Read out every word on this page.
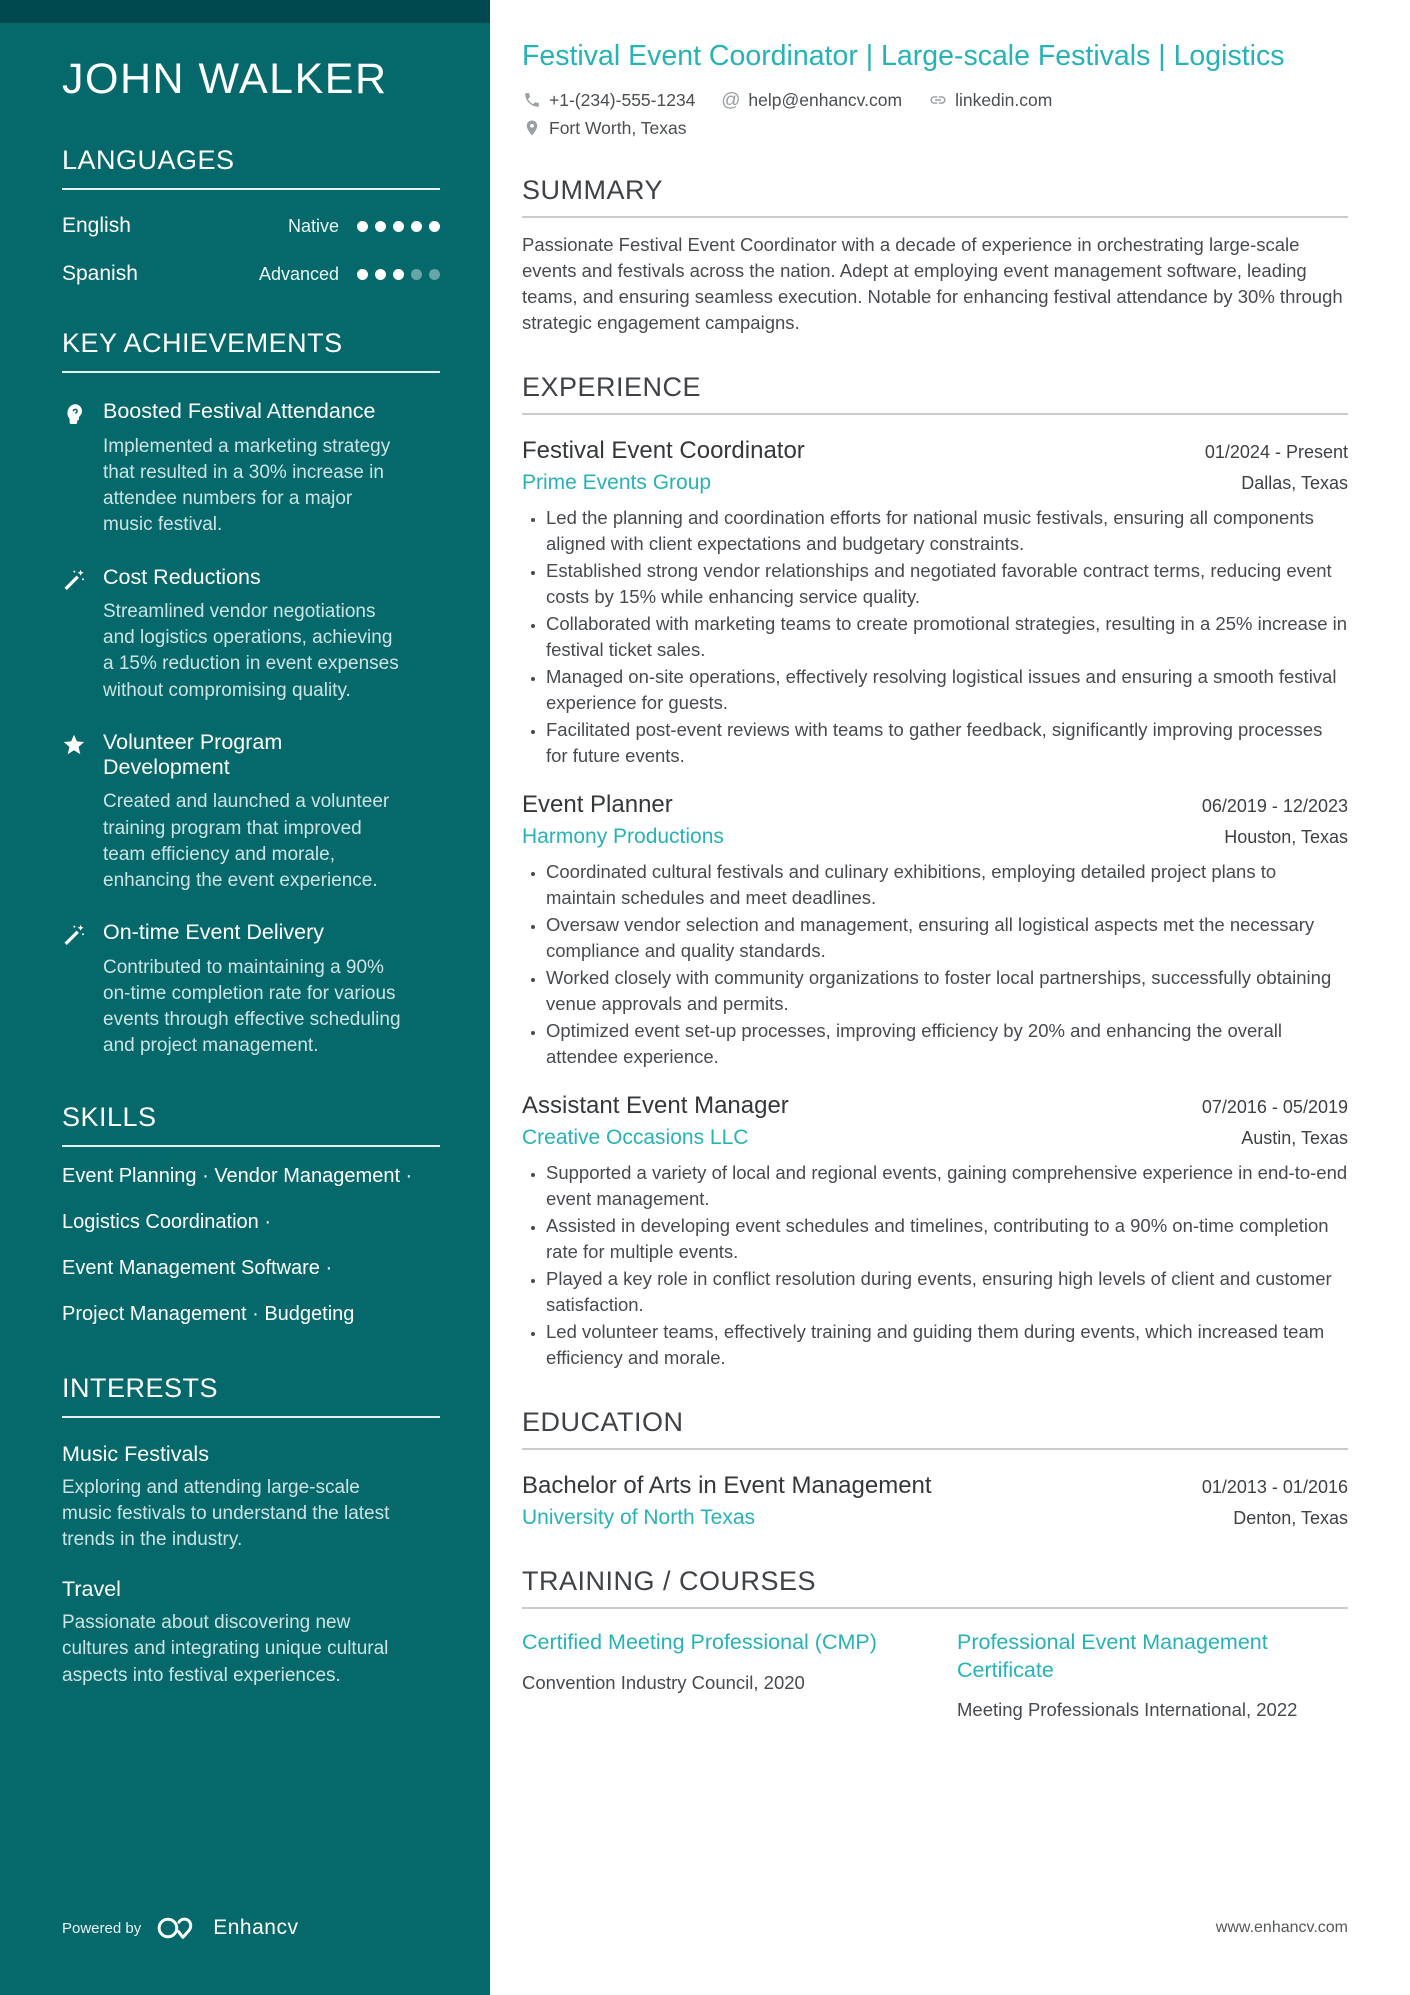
JOHN WALKER
LANGUAGES
English	Native
Spanish	Advanced
KEY ACHIEVEMENTS
Boosted Festival Attendance
Implemented a marketing strategy that resulted in a 30% increase in attendee numbers for a major music festival.
Cost Reductions
Streamlined vendor negotiations and logistics operations, achieving a 15% reduction in event expenses without compromising quality.
Volunteer Program Development
Created and launched a volunteer training program that improved team efficiency and morale, enhancing the event experience.
On-time Event Delivery
Contributed to maintaining a 90% on-time completion rate for various events through effective scheduling and project management.
SKILLS
Event Planning · Vendor Management ·
Logistics Coordination ·
Event Management Software ·
Project Management · Budgeting
INTERESTS
Music Festivals
Exploring and attending large-scale music festivals to understand the latest trends in the industry.
Travel
Passionate about discovering new cultures and integrating unique cultural aspects into festival experiences.
Powered by	Enhancv
Festival Event Coordinator | Large-scale Festivals | Logistics
+1-(234)-555-1234 @ help@enhancv.com	linkedin.com
Fort Worth, Texas
SUMMARY

Passionate Festival Event Coordinator with a decade of experience in orchestrating large-scale events and festivals across the nation. Adept at employing event management software, leading teams, and ensuring seamless execution. Notable for enhancing festival attendance by 30% through strategic engagement campaigns.

EXPERIENCE
Festival Event Coordinator	01/2024 - Present
Prime Events Group	Dallas, Texas
• Led the planning and coordination efforts for national music festivals, ensuring all components aligned with client expectations and budgetary constraints.
• Established strong vendor relationships and negotiated favorable contract terms, reducing event costs by 15% while enhancing service quality.
• Collaborated with marketing teams to create promotional strategies, resulting in a 25% increase in festival ticket sales.
• Managed on-site operations, effectively resolving logistical issues and ensuring a smooth festival experience for guests.
• Facilitated post-event reviews with teams to gather feedback, significantly improving processes for future events.
Event Planner	06/2019 - 12/2023
Harmony Productions	Houston, Texas
• Coordinated cultural festivals and culinary exhibitions, employing detailed project plans to maintain schedules and meet deadlines.
• Oversaw vendor selection and management, ensuring all logistical aspects met the necessary compliance and quality standards.
• Worked closely with community organizations to foster local partnerships, successfully obtaining venue approvals and permits.
• Optimized event set-up processes, improving efficiency by 20% and enhancing the overall attendee experience.
Assistant Event Manager	07/2016 - 05/2019
Creative Occasions LLC	Austin, Texas
• Supported a variety of local and regional events, gaining comprehensive experience in end-to-end event management.
• Assisted in developing event schedules and timelines, contributing to a 90% on-time completion rate for multiple events.
• Played a key role in conflict resolution during events, ensuring high levels of client and customer satisfaction.
• Led volunteer teams, effectively training and guiding them during events, which increased team efficiency and morale.
EDUCATION
Bachelor of Arts in Event Management	01/2013 - 01/2016
University of North Texas	Denton, Texas
TRAINING / COURSES
Certified Meeting Professional (CMP)
Convention Industry Council, 2020
Professional Event Management Certificate
Meeting Professionals International, 2022
www.enhancv.com
